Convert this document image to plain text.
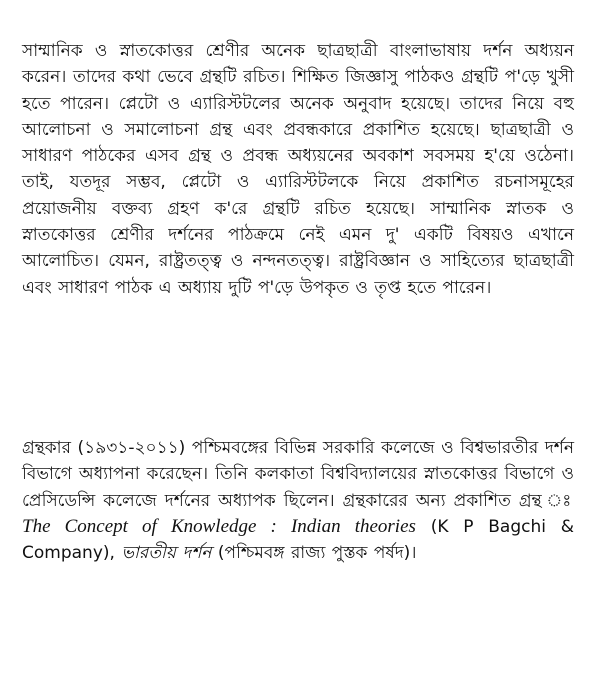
সাম্মানিক ও স্নাতকোত্তর শ্রেণীর অনেক ছাত্রছাত্রী বাংলাভাষায় দর্শন অধ্যয়ন করেন। তাদের কথা ভেবে গ্রন্থটি রচিত। শিক্ষিত জিজ্ঞাসু পাঠকও গ্রন্থটি প'ড়ে খুসী হতে পারেন। প্লেটো ও এ্যারিস্টটলের অনেক অনুবাদ হয়েছে। তাদের নিয়ে বহু আলোচনা ও সমালোচনা গ্রন্থ এবং প্রবন্ধকারে প্রকাশিত হয়েছে। ছাত্রছাত্রী ও সাধারণ পাঠকের এসব গ্রন্থ ও প্রবন্ধ অধ্যয়নের অবকাশ সবসময় হ'য়ে ওঠেনা। তাই, যতদূর সম্ভব, প্লেটো ও এ্যারিস্টটলকে নিয়ে প্রকাশিত রচনাসমূহের প্রয়োজনীয় বক্তব্য গ্রহণ ক'রে গ্রন্থটি রচিত হয়েছে। সাম্মানিক স্নাতক ও স্নাতকোত্তর শ্রেণীর দর্শনের পাঠক্রমে নেই এমন দু' একটি বিষয়ও এখানে আলোচিত। যেমন, রাষ্ট্রতত্ত্ব ও নন্দনতত্ত্ব। রাষ্ট্রবিজ্ঞান ও সাহিত্যের ছাত্রছাত্রী এবং সাধারণ পাঠক এ অধ্যায় দুটি প'ড়ে উপকৃত ও তৃপ্ত হতে পারেন।

গ্রন্থকার (১৯৩১-২০১১) পশ্চিমবঙ্গের বিভিন্ন সরকারি কলেজে ও বিশ্বভারতীর দর্শন বিভাগে অধ্যাপনা করেছেন। তিনি কলকাতা বিশ্ববিদ্যালয়ের স্নাতকোত্তর বিভাগে ও প্রেসিডেন্সি কলেজে দর্শনের অধ্যাপক ছিলেন। গ্রন্থকারের অন্য প্রকাশিত গ্রন্থ ঃ The Concept of Knowledge : Indian theories (K P Bagchi & Company), ভারতীয় দর্শন (পশ্চিমবঙ্গ রাজ্য পুস্তক পর্ষদ)।
